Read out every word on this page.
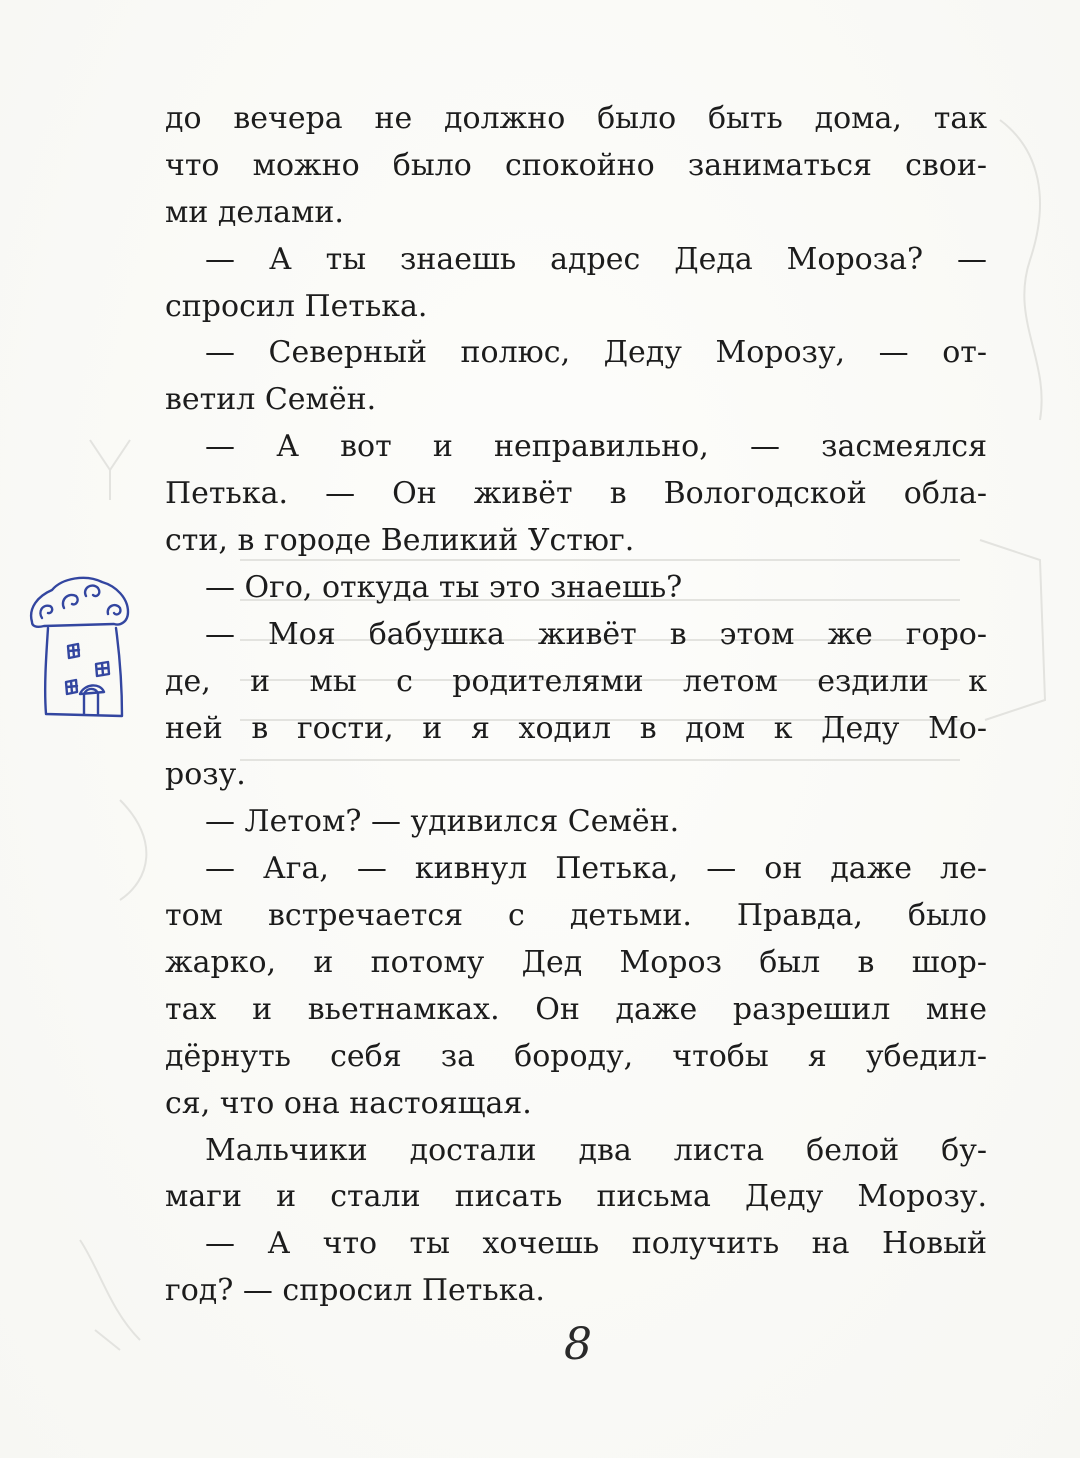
до вечера не должно было быть дома, так
что можно было спокойно заниматься свои-
ми делами.
— А ты знаешь адрес Деда Мороза? —
спросил Петька.
— Северный полюс, Деду Морозу, — от-
ветил Семён.
— А вот и неправильно, — засмеялся
Петька. — Он живёт в Вологодской обла-
сти, в городе Великий Устюг.
— Ого, откуда ты это знаешь?
— Моя бабушка живёт в этом же горо-
де, и мы с родителями летом ездили к
ней в гости, и я ходил в дом к Деду Мо-
розу.
— Летом? — удивился Семён.
— Ага, — кивнул Петька, — он даже ле-
том встречается с детьми. Правда, было
жарко, и потому Дед Мороз был в шор-
тах и вьетнамках. Он даже разрешил мне
дёрнуть себя за бороду, чтобы я убедил-
ся, что она настоящая.
Мальчики достали два листа белой бу-
маги и стали писать письма Деду Морозу.
— А что ты хочешь получить на Новый
год? — спросил Петька.
8
